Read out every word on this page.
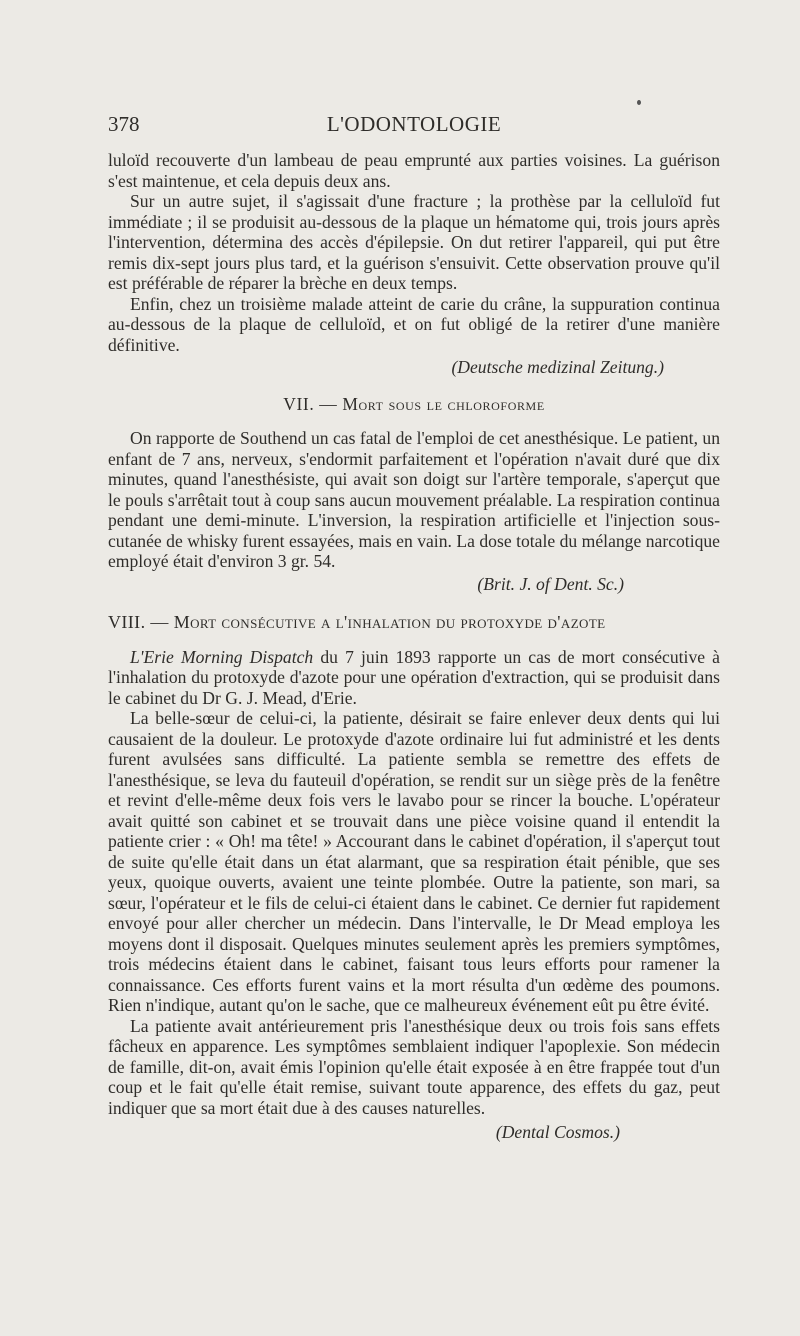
378	L'ODONTOLOGIE

luloïd recouverte d'un lambeau de peau emprunté aux parties voisines. La guérison s'est maintenue, et cela depuis deux ans.

Sur un autre sujet, il s'agissait d'une fracture ; la prothèse par la celluloïd fut immédiate ; il se produisit au-dessous de la plaque un hématome qui, trois jours après l'intervention, détermina des accès d'épilepsie. On dut retirer l'appareil, qui put être remis dix-sept jours plus tard, et la guérison s'ensuivit. Cette observation prouve qu'il est préférable de réparer la brèche en deux temps.

Enfin, chez un troisième malade atteint de carie du crâne, la suppuration continua au-dessous de la plaque de celluloïd, et on fut obligé de la retirer d'une manière définitive.

(Deutsche medizinal Zeitung.)
VII. — Mort sous le chloroforme

On rapporte de Southend un cas fatal de l'emploi de cet anesthésique. Le patient, un enfant de 7 ans, nerveux, s'endormit parfaitement et l'opération n'avait duré que dix minutes, quand l'anesthésiste, qui avait son doigt sur l'artère temporale, s'aperçut que le pouls s'arrêtait tout à coup sans aucun mouvement préalable. La respiration continua pendant une demi-minute. L'inversion, la respiration artificielle et l'injection sous-cutanée de whisky furent essayées, mais en vain. La dose totale du mélange narcotique employé était d'environ 3 gr. 54.

(Brit. J. of Dent. Sc.)
VIII. — Mort consécutive a l'inhalation du protoxyde d'azote

L'Erie Morning Dispatch du 7 juin 1893 rapporte un cas de mort consécutive à l'inhalation du protoxyde d'azote pour une opération d'extraction, qui se produisit dans le cabinet du Dr G. J. Mead, d'Erie.

La belle-sœur de celui-ci, la patiente, désirait se faire enlever deux dents qui lui causaient de la douleur. Le protoxyde d'azote ordinaire lui fut administré et les dents furent avulsées sans difficulté. La patiente sembla se remettre des effets de l'anesthésique, se leva du fauteuil d'opération, se rendit sur un siège près de la fenêtre et revint d'elle-même deux fois vers le lavabo pour se rincer la bouche. L'opérateur avait quitté son cabinet et se trouvait dans une pièce voisine quand il entendit la patiente crier : « Oh! ma tête! » Accourant dans le cabinet d'opération, il s'aperçut tout de suite qu'elle était dans un état alarmant, que sa respiration était pénible, que ses yeux, quoique ouverts, avaient une teinte plombée. Outre la patiente, son mari, sa sœur, l'opérateur et le fils de celui-ci étaient dans le cabinet. Ce dernier fut rapidement envoyé pour aller chercher un médecin. Dans l'intervalle, le Dr Mead employa les moyens dont il disposait. Quelques minutes seulement après les premiers symptômes, trois médecins étaient dans le cabinet, faisant tous leurs efforts pour ramener la connaissance. Ces efforts furent vains et la mort résulta d'un œdème des poumons. Rien n'indique, autant qu'on le sache, que ce malheureux événement eût pu être évité.

La patiente avait antérieurement pris l'anesthésique deux ou trois fois sans effets fâcheux en apparence. Les symptômes semblaient indiquer l'apoplexie. Son médecin de famille, dit-on, avait émis l'opinion qu'elle était exposée à en être frappée tout d'un coup et le fait qu'elle était remise, suivant toute apparence, des effets du gaz, peut indiquer que sa mort était due à des causes naturelles.

(Dental Cosmos.)
